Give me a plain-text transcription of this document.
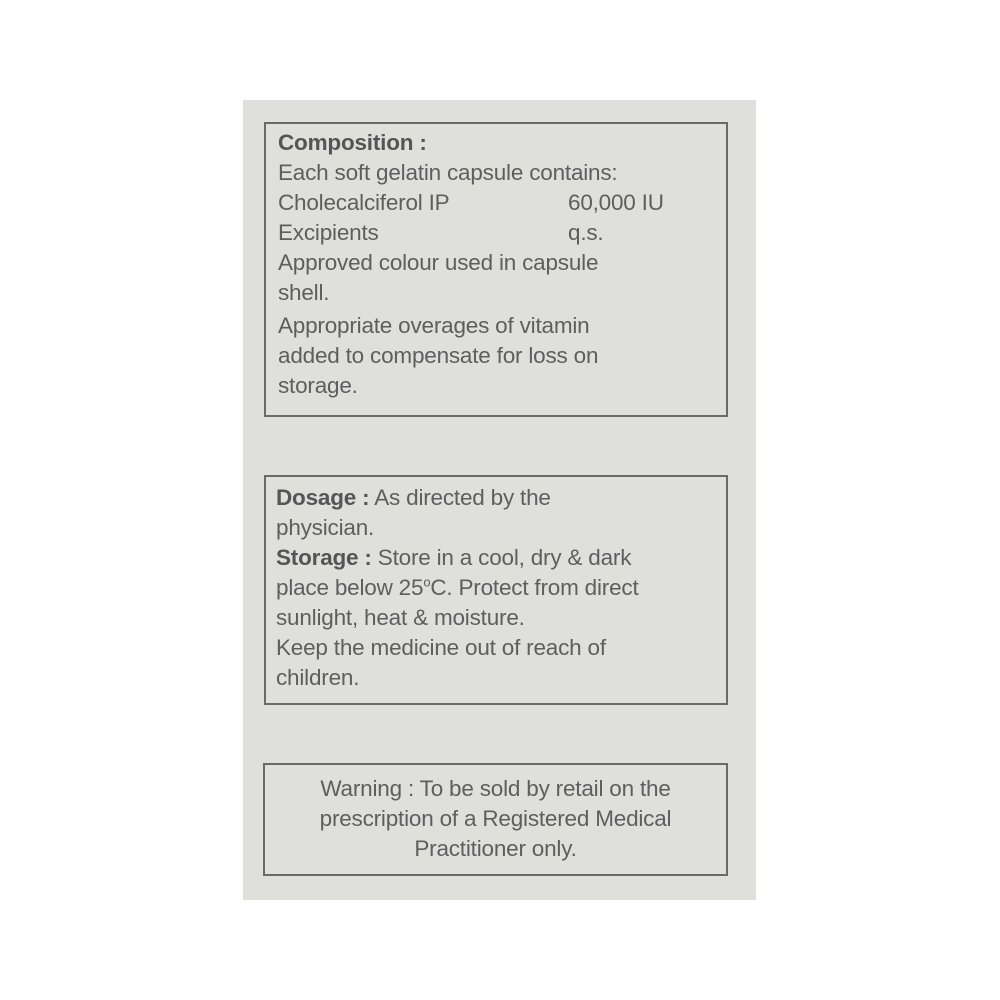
Composition :
Each soft gelatin capsule contains:
Cholecalciferol IP	60,000 IU
Excipients	q.s.
Approved colour used in capsule
shell.
Appropriate overages of vitamin
added to compensate for loss on
storage.
Dosage : As directed by the
physician.
Storage : Store in a cool, dry & dark
place below 25$^o$C. Protect from direct
sunlight, heat & moisture.
Keep the medicine out of reach of
children.
Warning : To be sold by retail on the
prescription of a Registered Medical
Practitioner only.
